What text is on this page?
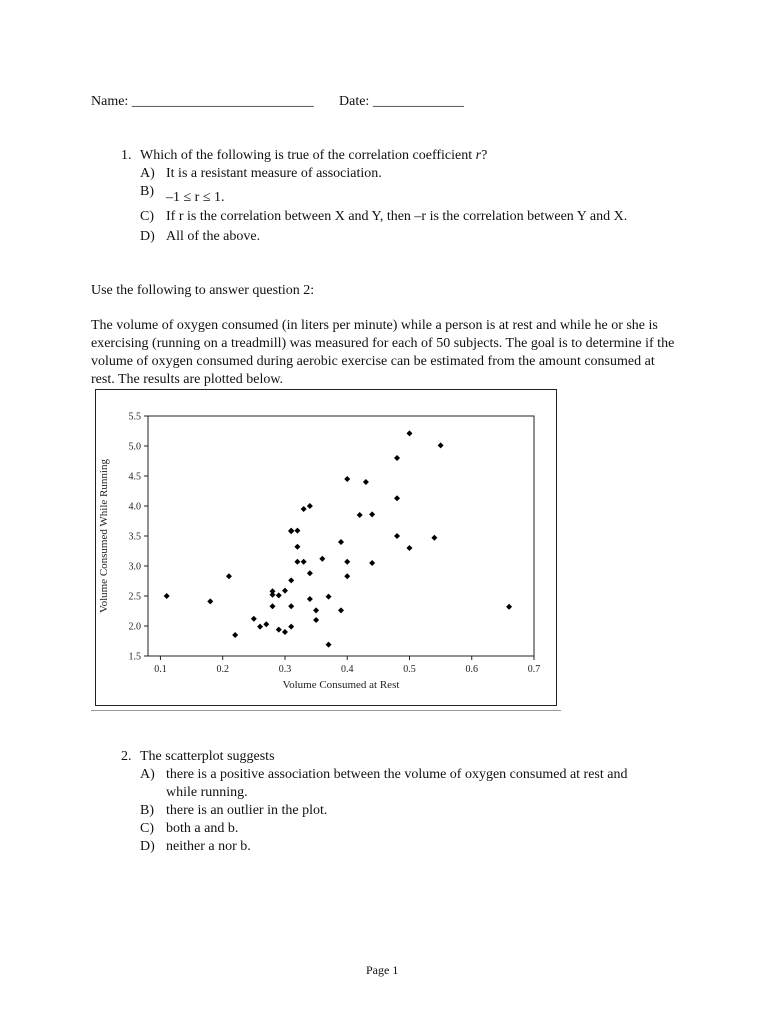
Name: __________________________ Date: _____________
1. Which of the following is true of the correlation coefficient r?
A) It is a resistant measure of association.
B) –1 ≤ r ≤ 1.
C) If r is the correlation between X and Y, then –r is the correlation between Y and X.
D) All of the above.
Use the following to answer question 2:
The volume of oxygen consumed (in liters per minute) while a person is at rest and while he or she is exercising (running on a treadmill) was measured for each of 50 subjects. The goal is to determine if the volume of oxygen consumed during aerobic exercise can be estimated from the amount consumed at rest. The results are plotted below.
1.5
2.0
2.5
3.0
3.5
4.0
4.5
5.0
5.5
0.1	0.2	0.3	0.4	0.5	0.6	0.7
Volume Consumed at Rest
Volume Consumed While Running
2. The scatterplot suggests
A) there is a positive association between the volume of oxygen consumed at rest and
while running.
B) there is an outlier in the plot.
C) both a and b.
D) neither a nor b.
Page 1
